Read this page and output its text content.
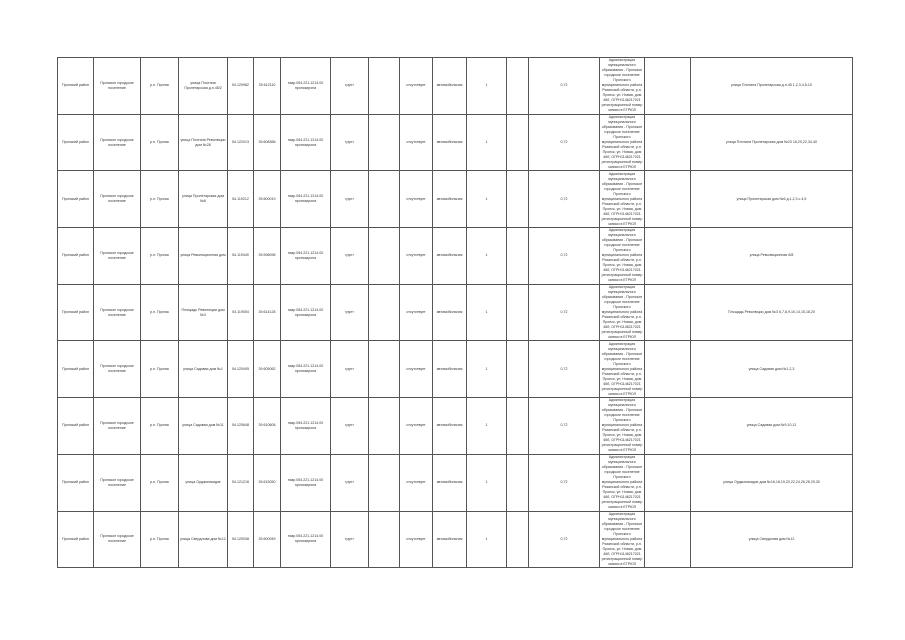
Пронский район	Пронское городское поселение	р.п. Пронск	улица Плотина Пролетарская д.н.45/2	54.120982	39.612110	назр.054.221.1214.00 пронскирона	грунт		отсутствует	автомобильная	1		0,72	Администрация муниципального образования - Пронское городское поселение Пронского муниципального района Рязанской области, р.п. Пронск, ул. Новая, дом 46б, ОГРН1146217021 регистрационный номер записи в ЕГРЮЛ		улица Плотина Пролетарская д.н.45 1,2,3,4,5-10
Пронский район	Пронское городское поселение	р.п. Пронск	улица Плотина Революции дом №28	54.122013	39.608366	назр.054.221.1214.00 пронскирона	грунт		отсутствует	автомобильная	1		0,72	Администрация муниципального образования - Пронское городское поселение Пронского муниципального района Рязанской области, р.п. Пронск, ул. Новая, дом 46б, ОГРН1146217021 регистрационный номер записи в ЕГРЮЛ		улица Плотина Пролетарская дом №23 16,20,22,34-40
Пронский район	Пронское городское поселение	р.п. Пронск	улица Пролетарская дом №6	54.119212	39.600019	назр.054.221.1214.00 пронскирона	грунт		отсутствует	автомобильная	1		0,72	Администрация муниципального образования - Пронское городское поселение Пронского муниципального района Рязанской области, р.п. Пронск, ул. Новая, дом 46б, ОГРН1146217021 регистрационный номер записи в ЕГРЮЛ		улица Пролетарская дом №6 д.1,2,3 с.4,5
Пронский район	Пронское городское поселение	р.п. Пронск	улица Революционная дом	54.119440	39.596096	назр.054.221.1214.00 пронскирона	грунт		отсутствует	автомобильная	1		0,72	Администрация муниципального образования - Пронское городское поселение Пронского муниципального района Рязанской области, р.п. Пронск, ул. Новая, дом 46б, ОГРН1146217021 регистрационный номер записи в ЕГРЮЛ		улица Революционная 6/8
Пронский район	Пронское городское поселение	р.п. Пронск	Площадь Революции дом №3	54.119054	39.614128	назр.054.221.1214.00 пронскирона	грунт		отсутствует	автомобильная	1		0,72	Администрация муниципального образования - Пронское городское поселение Пронского муниципального района Рязанской области, р.п. Пронск, ул. Новая, дом 46б, ОГРН1146217021 регистрационный номер записи в ЕГРЮЛ		Площадь Революции дом №3 6,7,8,9,10,14,15,18,20
Пронский район	Пронское городское поселение	р.п. Пронск	улица Садовая дом №1	54.120495	39.605062	назр.054.221.1214.00 пронскирона	грунт		отсутствует	автомобильная	1		0,72	Администрация муниципального образования - Пронское городское поселение Пронского муниципального района Рязанской области, р.п. Пронск, ул. Новая, дом 46б, ОГРН1146217021 регистрационный номер записи в ЕГРЮЛ		улица Садовая дом №1,2,3
Пронский район	Пронское городское поселение	р.п. Пронск	улица Садовая дом №11	54.120648	39.610606	назр.054.221.1214.00 пронскирона	грунт		отсутствует	автомобильная	1		0,72	Администрация муниципального образования - Пронское городское поселение Пронского муниципального района Рязанской области, р.п. Пронск, ул. Новая, дом 46б, ОГРН1146217021 регистрационный номер записи в ЕГРЮЛ		улица Садовая дом №9,10,11
Пронский район	Пронское городское поселение	р.п. Пронск	улица Орджоникидзе	54.121216	39.615050	назр.054.221.1214.00 пронскирона	грунт		отсутствует	автомобильная	1		0,72	Администрация муниципального образования - Пронское городское поселение Пронского муниципального района Рязанской области, р.п. Пронск, ул. Новая, дом 46б, ОГРН1146217021 регистрационный номер записи в ЕГРЮЛ		улица Орджоникидзе дом №16,18,19,20,22,24,26,28,29,30
Пронский район	Пронское городское поселение	р.п. Пронск	улица Свердлова дом №12	54.120038	39.600949	назр.054.221.1214.00 пронскирона	грунт		отсутствует	автомобильная	1		0,72	Администрация муниципального образования - Пронское городское поселение Пронского муниципального района Рязанской области, р.п. Пронск, ул. Новая, дом 46б, ОГРН1146217021 регистрационный номер записи в ЕГРЮЛ		улица Свердлова дом №12
